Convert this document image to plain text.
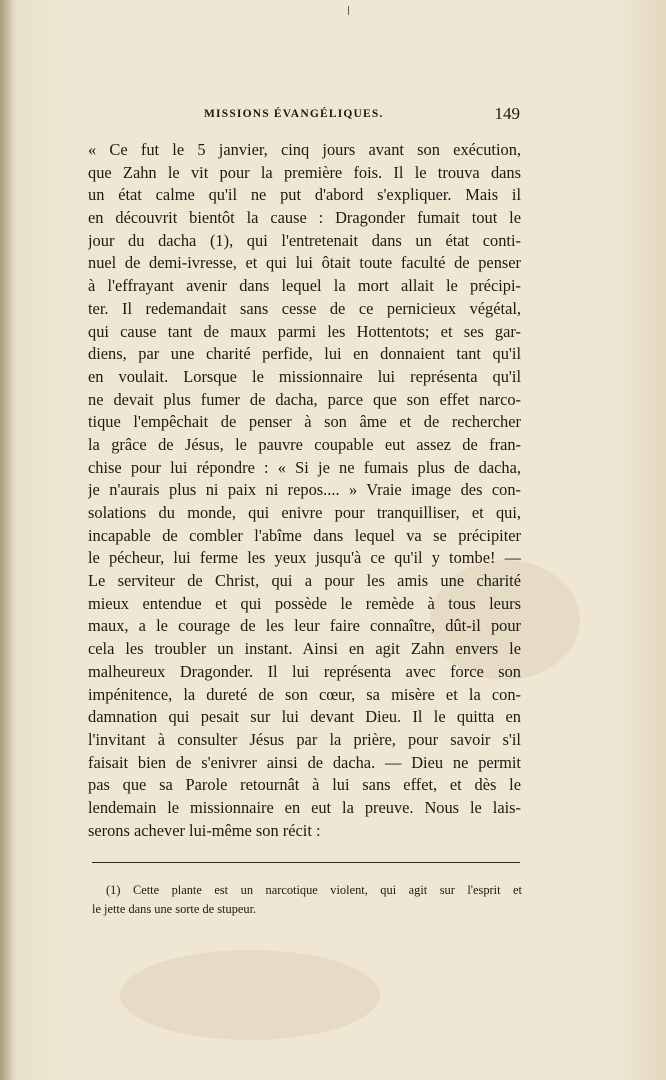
MISSIONS ÉVANGÉLIQUES.	149
« Ce fut le 5 janvier, cinq jours avant son exécution,
que Zahn le vit pour la première fois. Il le trouva dans
un état calme qu'il ne put d'abord s'expliquer. Mais il
en découvrit bientôt la cause : Dragonder fumait tout le
jour du dacha (1), qui l'entretenait dans un état conti-
nuel de demi-ivresse, et qui lui ôtait toute faculté de penser
à l'effrayant avenir dans lequel la mort allait le précipi-
ter. Il redemandait sans cesse de ce pernicieux végétal,
qui cause tant de maux parmi les Hottentots; et ses gar-
diens, par une charité perfide, lui en donnaient tant qu'il
en voulait. Lorsque le missionnaire lui représenta qu'il
ne devait plus fumer de dacha, parce que son effet narco-
tique l'empêchait de penser à son âme et de rechercher
la grâce de Jésus, le pauvre coupable eut assez de fran-
chise pour lui répondre : « Si je ne fumais plus de dacha,
je n'aurais plus ni paix ni repos.... » Vraie image des con-
solations du monde, qui enivre pour tranquilliser, et qui,
incapable de combler l'abîme dans lequel va se précipiter
le pécheur, lui ferme les yeux jusqu'à ce qu'il y tombe! —
Le serviteur de Christ, qui a pour les amis une charité
mieux entendue et qui possède le remède à tous leurs
maux, a le courage de les leur faire connaître, dût-il pour
cela les troubler un instant. Ainsi en agit Zahn envers le
malheureux Dragonder. Il lui représenta avec force son
impénitence, la dureté de son cœur, sa misère et la con-
damnation qui pesait sur lui devant Dieu. Il le quitta en
l'invitant à consulter Jésus par la prière, pour savoir s'il
faisait bien de s'enivrer ainsi de dacha. — Dieu ne permit
pas que sa Parole retournât à lui sans effet, et dès le
lendemain le missionnaire en eut la preuve. Nous le lais-
serons achever lui-même son récit :
(1) Cette plante est un narcotique violent, qui agit sur l'esprit et
le jette dans une sorte de stupeur.
